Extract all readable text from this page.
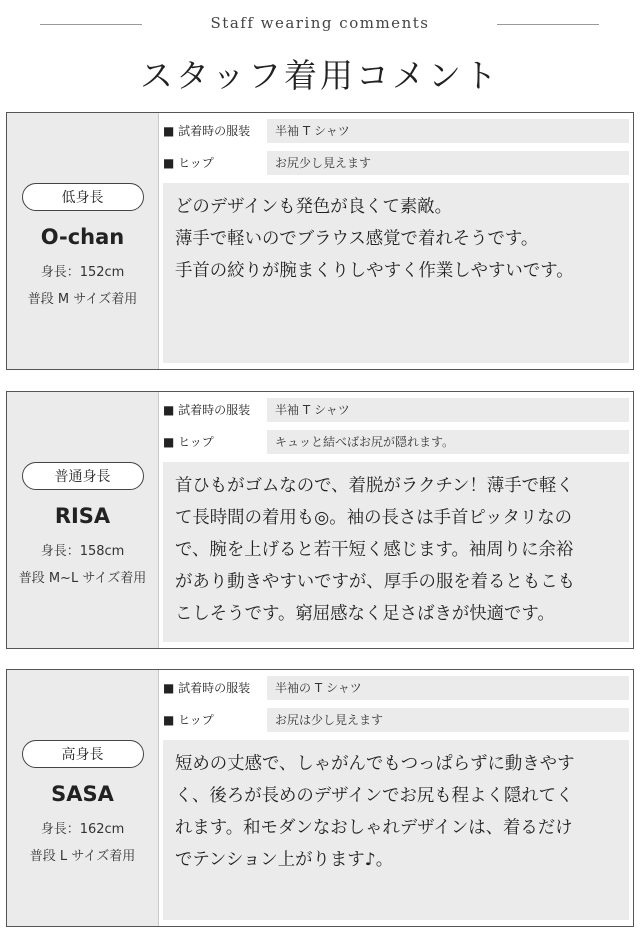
Staff wearing comments
スタッフ着用コメント
低身長
O-chan
身長：152cm
普段 M サイズ着用
■ 試着時の服装	半袖 T シャツ
■ ヒップ	お尻少し見えます
どのデザインも発色が良くて素敵。
薄手で軽いのでブラウス感覚で着れそうです。
手首の絞りが腕まくりしやすく作業しやすいです。
普通身長
RISA
身長：158cm
普段 M~L サイズ着用
■ 試着時の服装	半袖 T シャツ
■ ヒップ	キュッと結べばお尻が隠れます。
首ひもがゴムなので、着脱がラクチン！薄手で軽く
て長時間の着用も◎。袖の長さは手首ピッタリなの
で、腕を上げると若干短く感じます。袖周りに余裕
があり動きやすいですが、厚手の服を着るともこも
こしそうです。窮屈感なく足さばきが快適です。
高身長
SASA
身長：162cm
普段 L サイズ着用
■ 試着時の服装	半袖の T シャツ
■ ヒップ	お尻は少し見えます
短めの丈感で、しゃがんでもつっぱらずに動きやす
く、後ろが長めのデザインでお尻も程よく隠れてく
れます。和モダンなおしゃれデザインは、着るだけ
でテンション上がります♪。
